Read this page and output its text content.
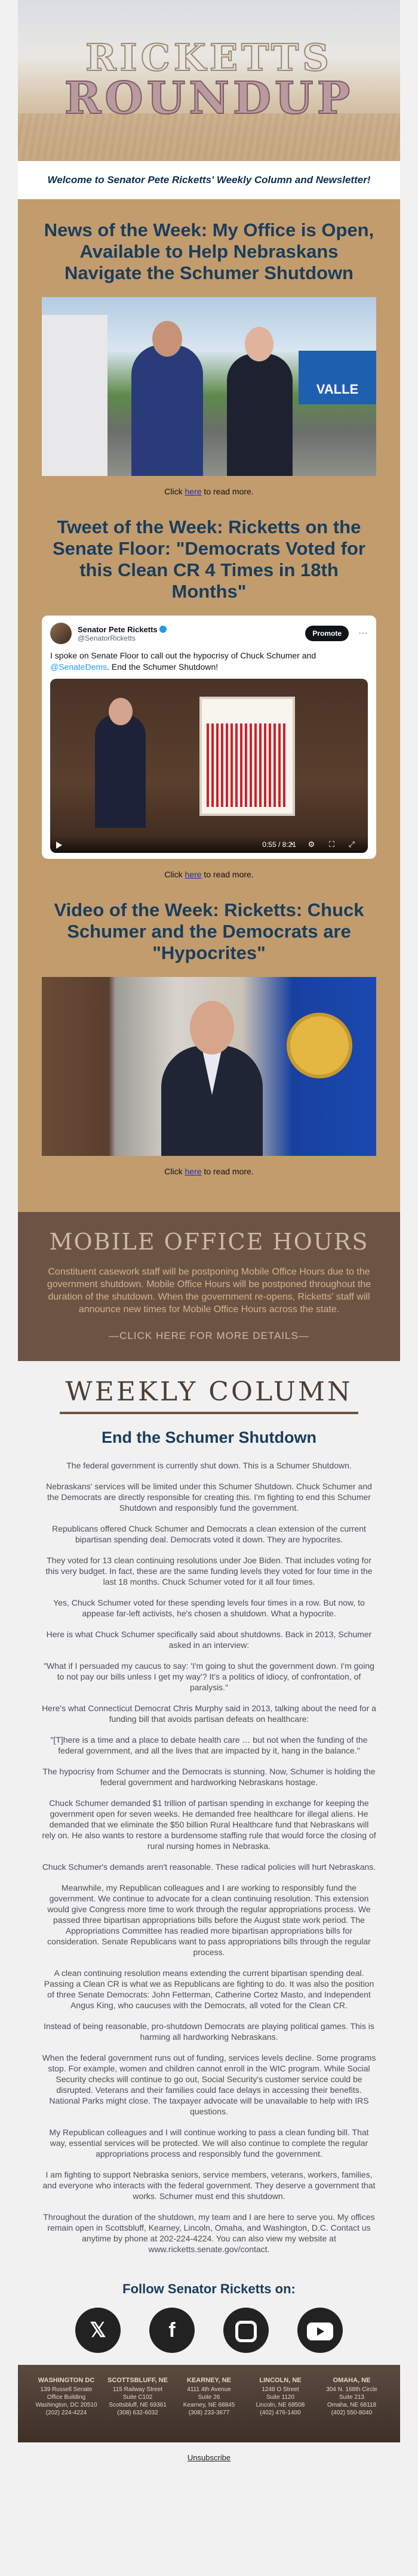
RICKETTS
ROUNDUP
Welcome to Senator Pete Ricketts' Weekly Column and Newsletter!
News of the Week: My Office is Open, Available to Help Nebraskans Navigate the Schumer Shutdown
VALLE
Click here to read more.
Tweet of the Week: Ricketts on the Senate Floor: "Democrats Voted for this Clean CR 4 Times in 18th Months"
Senator Pete Ricketts
@SenatorRicketts
Promote	···
I spoke on Senate Floor to call out the hypocrisy of Chuck Schumer and @SenateDems. End the Schumer Shutdown!
0:55 / 8:21
◔ ⚙ ⛶ ⤢
Click here to read more.
Video of the Week: Ricketts: Chuck Schumer and the Democrats are "Hypocrites"
Click here to read more.
MOBILE OFFICE HOURS

Constituent casework staff will be postponing Mobile Office Hours due to the government shutdown. Mobile Office Hours will be postponed throughout the duration of the shutdown. When the government re-opens, Ricketts' staff will announce new times for Mobile Office Hours across the state.

—CLICK HERE FOR MORE DETAILS—
WEEKLY COLUMN
End the Schumer Shutdown
The federal government is currently shut down. This is a Schumer Shutdown.
Nebraskans' services will be limited under this Schumer Shutdown. Chuck Schumer and the Democrats are directly responsible for creating this. I'm fighting to end this Schumer Shutdown and responsibly fund the government.
Republicans offered Chuck Schumer and Democrats a clean extension of the current bipartisan spending deal. Democrats voted it down. They are hypocrites.
They voted for 13 clean continuing resolutions under Joe Biden. That includes voting for this very budget. In fact, these are the same funding levels they voted for four time in the last 18 months. Chuck Schumer voted for it all four times.
Yes, Chuck Schumer voted for these spending levels four times in a row. But now, to appease far-left activists, he's chosen a shutdown. What a hypocrite.
Here is what Chuck Schumer specifically said about shutdowns. Back in 2013, Schumer asked in an interview:
"What if I persuaded my caucus to say: 'I'm going to shut the government down. I'm going to not pay our bills unless I get my way'? It's a politics of idiocy, of confrontation, of paralysis."
Here's what Connecticut Democrat Chris Murphy said in 2013, talking about the need for a funding bill that avoids partisan defeats on healthcare:
"[T]here is a time and a place to debate health care … but not when the funding of the federal government, and all the lives that are impacted by it, hang in the balance."
The hypocrisy from Schumer and the Democrats is stunning. Now, Schumer is holding the federal government and hardworking Nebraskans hostage.
Chuck Schumer demanded $1 trillion of partisan spending in exchange for keeping the government open for seven weeks. He demanded free healthcare for illegal aliens. He demanded that we eliminate the $50 billion Rural Healthcare fund that Nebraskans will rely on. He also wants to restore a burdensome staffing rule that would force the closing of rural nursing homes in Nebraska.
Chuck Schumer's demands aren't reasonable. These radical policies will hurt Nebraskans.
Meanwhile, my Republican colleagues and I are working to responsibly fund the government. We continue to advocate for a clean continuing resolution. This extension would give Congress more time to work through the regular appropriations process. We passed three bipartisan appropriations bills before the August state work period. The Appropriations Committee has readied more bipartisan appropriations bills for consideration. Senate Republicans want to pass appropriations bills through the regular process.
A clean continuing resolution means extending the current bipartisan spending deal. Passing a Clean CR is what we as Republicans are fighting to do. It was also the position of three Senate Democrats: John Fetterman, Catherine Cortez Masto, and Independent Angus King, who caucuses with the Democrats, all voted for the Clean CR.
Instead of being reasonable, pro-shutdown Democrats are playing political games. This is harming all hardworking Nebraskans.
When the federal government runs out of funding, services levels decline. Some programs stop. For example, women and children cannot enroll in the WIC program. While Social Security checks will continue to go out, Social Security's customer service could be disrupted. Veterans and their families could face delays in accessing their benefits. National Parks might close. The taxpayer advocate will be unavailable to help with IRS questions.
My Republican colleagues and I will continue working to pass a clean funding bill. That way, essential services will be protected. We will also continue to complete the regular appropriations process and responsibly fund the government.
I am fighting to support Nebraska seniors, service members, veterans, workers, families, and everyone who interacts with the federal government. They deserve a government that works. Schumer must end this shutdown.
Throughout the duration of the shutdown, my team and I are here to serve you. My offices remain open in Scottsbluff, Kearney, Lincoln, Omaha, and Washington, D.C. Contact us anytime by phone at 202-224-4224. You can also view my website at www.ricketts.senate.gov/contact.
Follow Senator Ricketts on:
𝕏	f
WASHINGTON DC
139 Russell Senate
Office Building
Washington, DC 20510
(202) 224-4224
SCOTTSBLUFF, NE
115 Railway Street
Suite C102
Scottsbluff, NE 69361
(308) 632-6032
KEARNEY, NE
4111 4th Avenue
Suite 26
Kearney, NE 68845
(308) 233-3677
LINCOLN, NE
1248 O Street
Suite 1120
Lincoln, NE 68508
(402) 476-1400
OMAHA, NE
304 N. 168th Circle
Suite 213
Omaha, NE 68118
(402) 550-8040
Unsubscribe
